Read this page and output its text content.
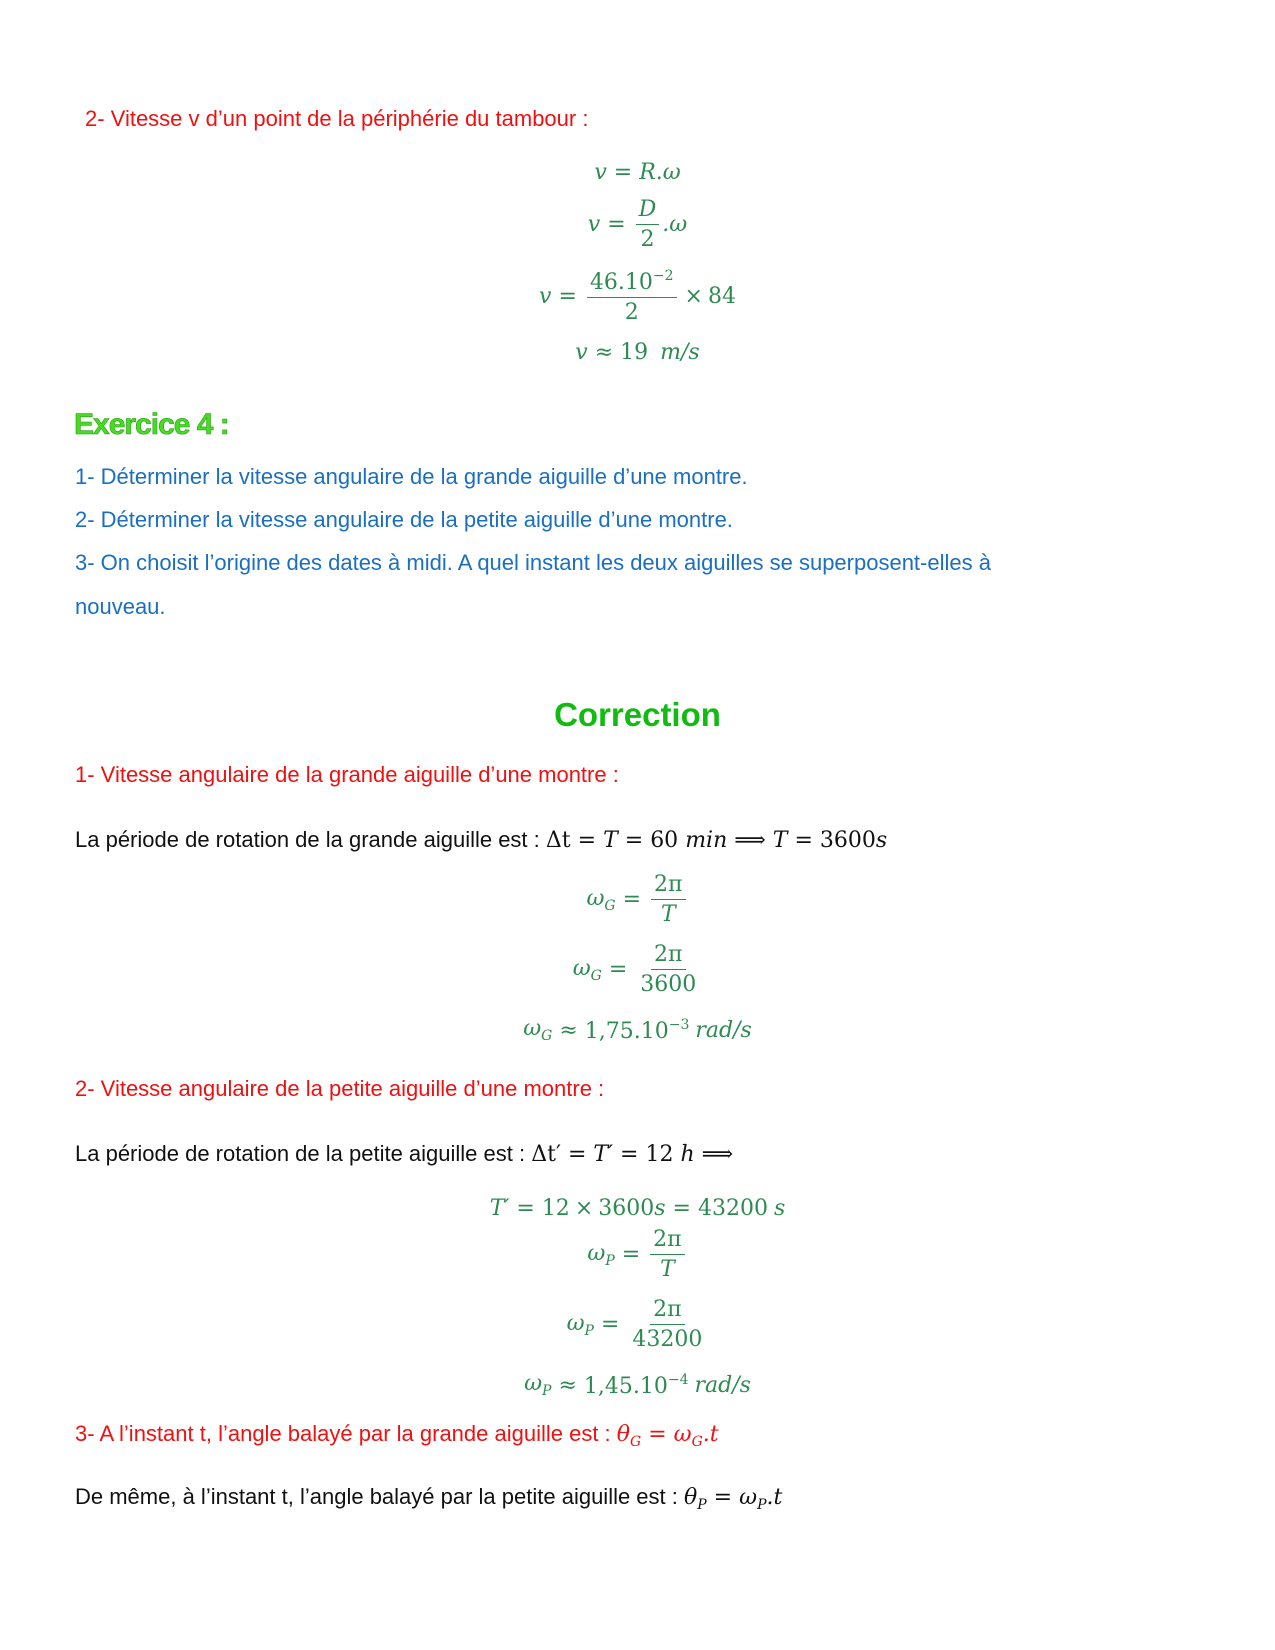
2- Vitesse v d’un point de la périphérie du tambour :
v = R.ω
$v = \frac{D}{2} .\omega$
$v = \frac{46.10^{-2}}{2} \times 84$
v ≈ 19 m/s
Exercice 4 :
1- Déterminer la vitesse angulaire de la grande aiguille d’une montre.
2- Déterminer la vitesse angulaire de la petite aiguille d’une montre.
3- On choisit l’origine des dates à midi. A quel instant les deux aiguilles se superposent-elles à
nouveau.
Correction
1- Vitesse angulaire de la grande aiguille d’une montre :
La période de rotation de la grande aiguille est : Δt = T = 60 min ⟹ T = 3600s
$\omega_G = \frac{2\pi}{T}$
$\omega_G = \frac{2\pi}{3600}$
$\omega_G \approx 1,75.10^{-3}$ rad/s
2- Vitesse angulaire de la petite aiguille d’une montre :
La période de rotation de la petite aiguille est : Δt′ = T′ = 12 h ⟹
T′ = 12 × 3600 s = 43200 s
$\omega_P = \frac{2\pi}{T}$
$\omega_P = \frac{2\pi}{43200}$
$\omega_P \approx 1,45.10^{-4}$ rad/s
3- A l’instant t, l’angle balayé par la grande aiguille est : $\theta_G = \omega_G.t$
De même, à l’instant t, l’angle balayé par la petite aiguille est : $\theta_P = \omega_P.t$
